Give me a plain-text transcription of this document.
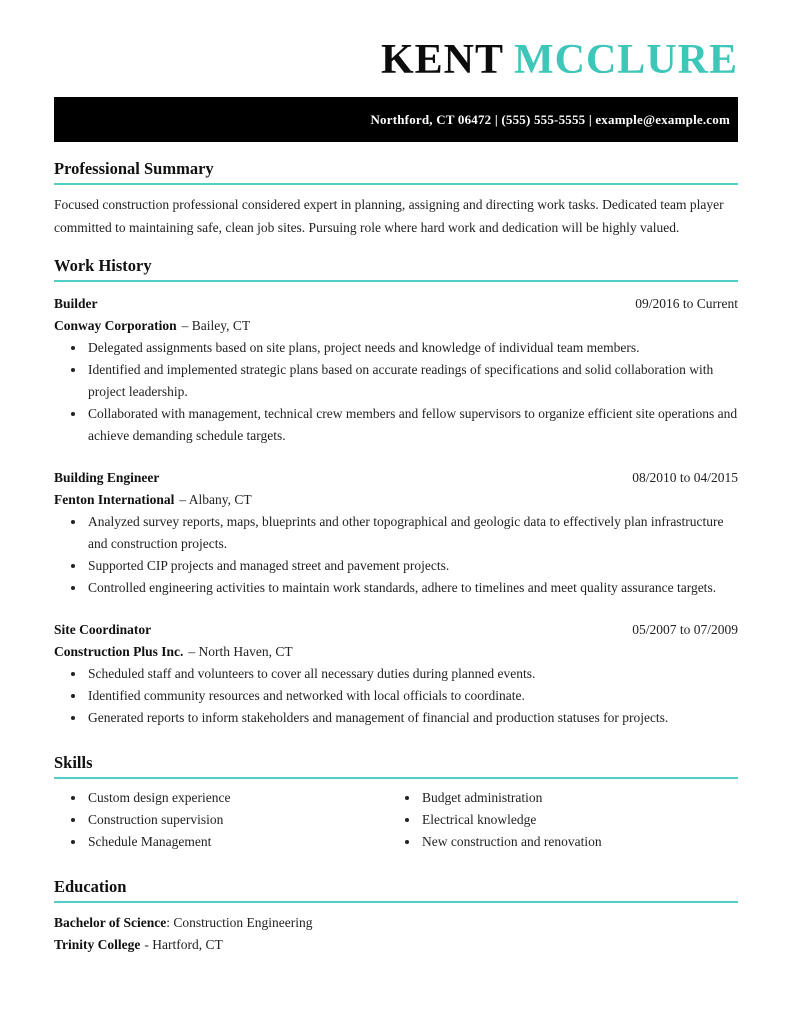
KENT MCCLURE
Northford, CT 06472 | (555) 555-5555 | example@example.com
Professional Summary

Focused construction professional considered expert in planning, assigning and directing work tasks. Dedicated team player committed to maintaining safe, clean job sites. Pursuing role where hard work and dedication will be highly valued.

Work History
Builder	09/2016 to Current
Conway Corporation – Bailey, CT
• Delegated assignments based on site plans, project needs and knowledge of individual team members.
• Identified and implemented strategic plans based on accurate readings of specifications and solid collaboration with project leadership.
• Collaborated with management, technical crew members and fellow supervisors to organize efficient site operations and achieve demanding schedule targets.
Building Engineer	08/2010 to 04/2015
Fenton International – Albany, CT
• Analyzed survey reports, maps, blueprints and other topographical and geologic data to effectively plan infrastructure and construction projects.
• Supported CIP projects and managed street and pavement projects.
• Controlled engineering activities to maintain work standards, adhere to timelines and meet quality assurance targets.
Site Coordinator	05/2007 to 07/2009
Construction Plus Inc. – North Haven, CT
• Scheduled staff and volunteers to cover all necessary duties during planned events.
• Identified community resources and networked with local officials to coordinate.
• Generated reports to inform stakeholders and management of financial and production statuses for projects.
Skills
• Custom design experience
• Construction supervision
• Schedule Management
• Budget administration
• Electrical knowledge
• New construction and renovation
Education
Bachelor of Science: Construction Engineering
Trinity College - Hartford, CT
